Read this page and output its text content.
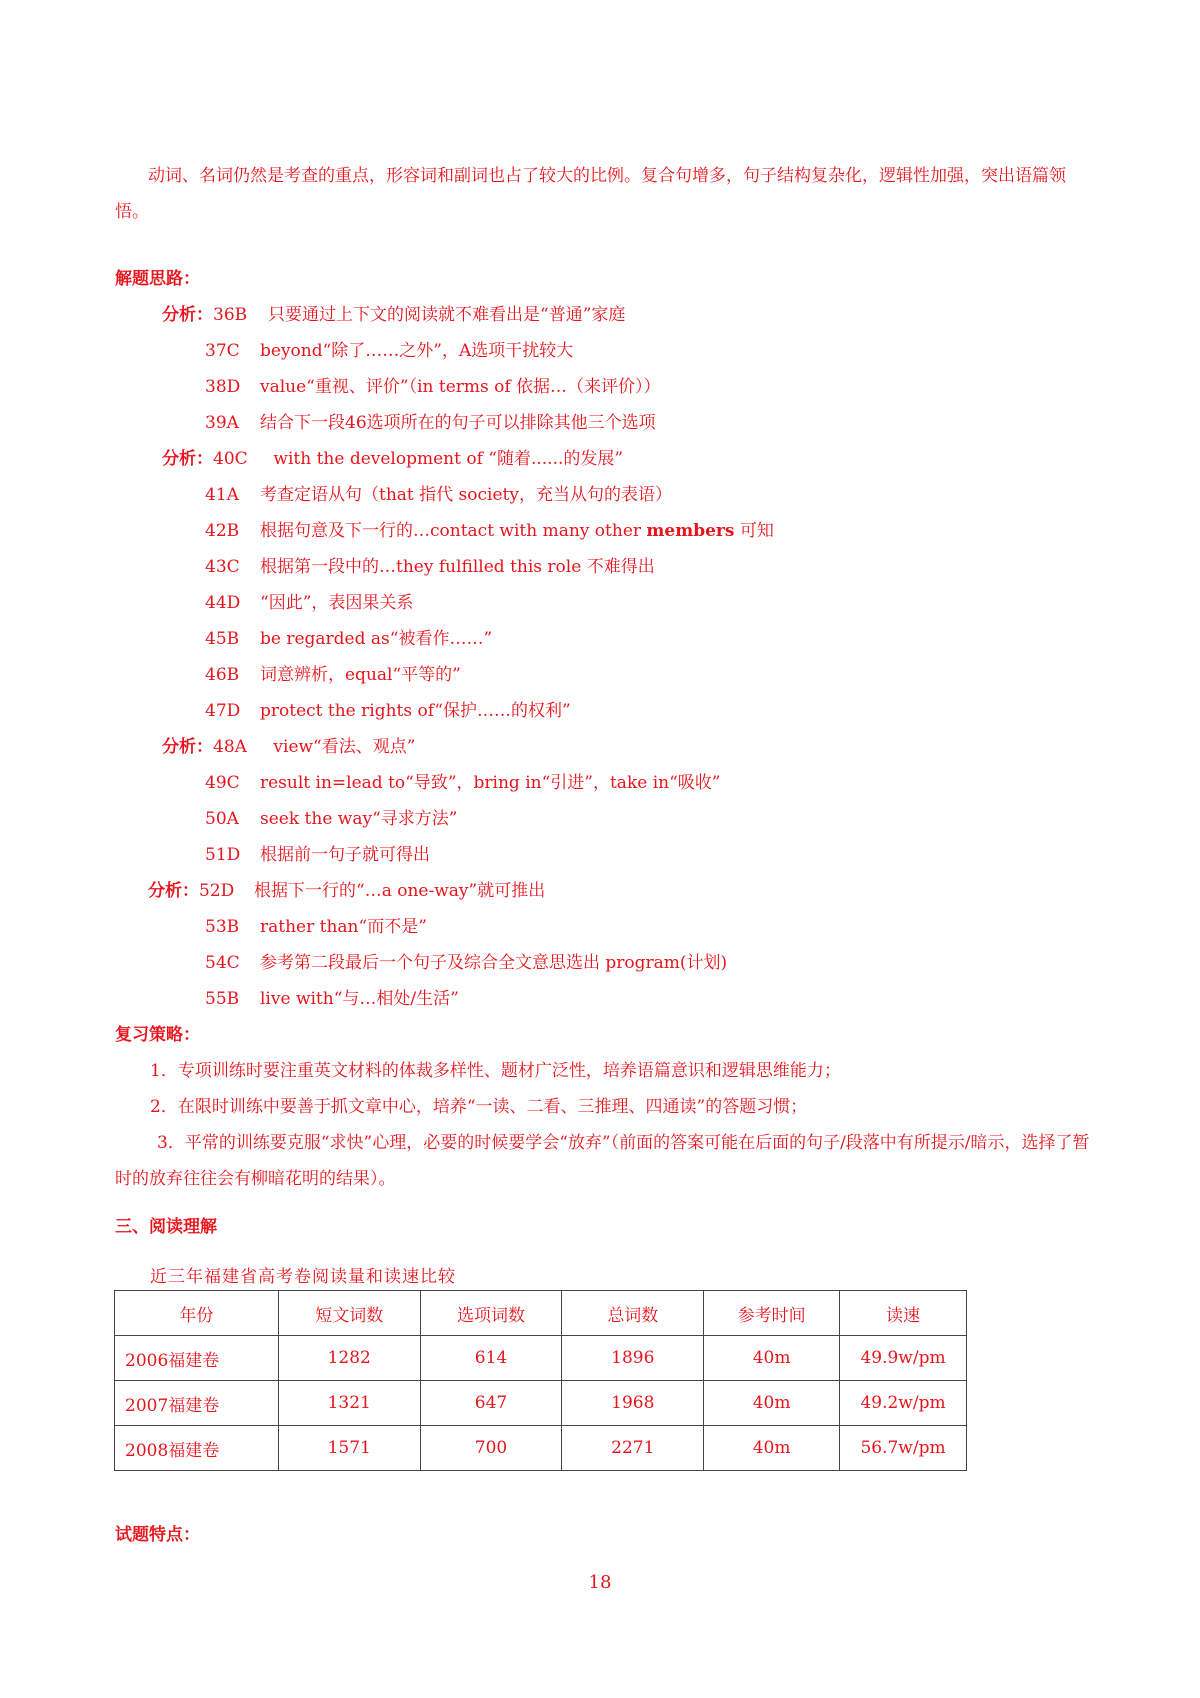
动词、名词仍然是考查的重点，形容词和副词也占了较大的比例。复合句增多，句子结构复杂化，逻辑性加强，突出语篇领悟。
解题思路：
分析：36B 只要通过上下文的阅读就不难看出是“普通”家庭
37C beyond“除了……之外”，A选项干扰较大
38D value“重视、评价”（in terms of 依据…（来评价））
39A 结合下一段46选项所在的句子可以排除其他三个选项
分析：40C with the development of “随着......的发展”
41A 考查定语从句（that 指代 society，充当从句的表语）
42B 根据句意及下一行的…contact with many other members 可知
43C 根据第一段中的…they fulfilled this role 不难得出
44D “因此”，表因果关系
45B be regarded as“被看作……”
46B 词意辨析，equal“平等的”
47D protect the rights of“保护……的权利”
分析：48A view“看法、观点”
49C result in=lead to“导致”，bring in“引进”，take in“吸收”
50A seek the way“寻求方法”
51D 根据前一句子就可得出
分析：52D 根据下一行的“…a one-way”就可推出
53B rather than“而不是”
54C 参考第二段最后一个句子及综合全文意思选出 program(计划)
55B live with“与…相处/生活”
复习策略：
1．专项训练时要注重英文材料的体裁多样性、题材广泛性，培养语篇意识和逻辑思维能力；
2．在限时训练中要善于抓文章中心，培养“一读、二看、三推理、四通读”的答题习惯；
3．平常的训练要克服“求快”心理，必要的时候要学会“放弃”（前面的答案可能在后面的句子/段落中有所提示/暗示，选择了暂时的放弃往往会有柳暗花明的结果）。
三、阅读理解
近三年福建省高考卷阅读量和读速比较
年份	短文词数	选项词数	总词数	参考时间	读速
2006福建卷	1282	614	1896	40m	49.9w/pm
2007福建卷	1321	647	1968	40m	49.2w/pm
2008福建卷	1571	700	2271	40m	56.7w/pm
试题特点：
18
